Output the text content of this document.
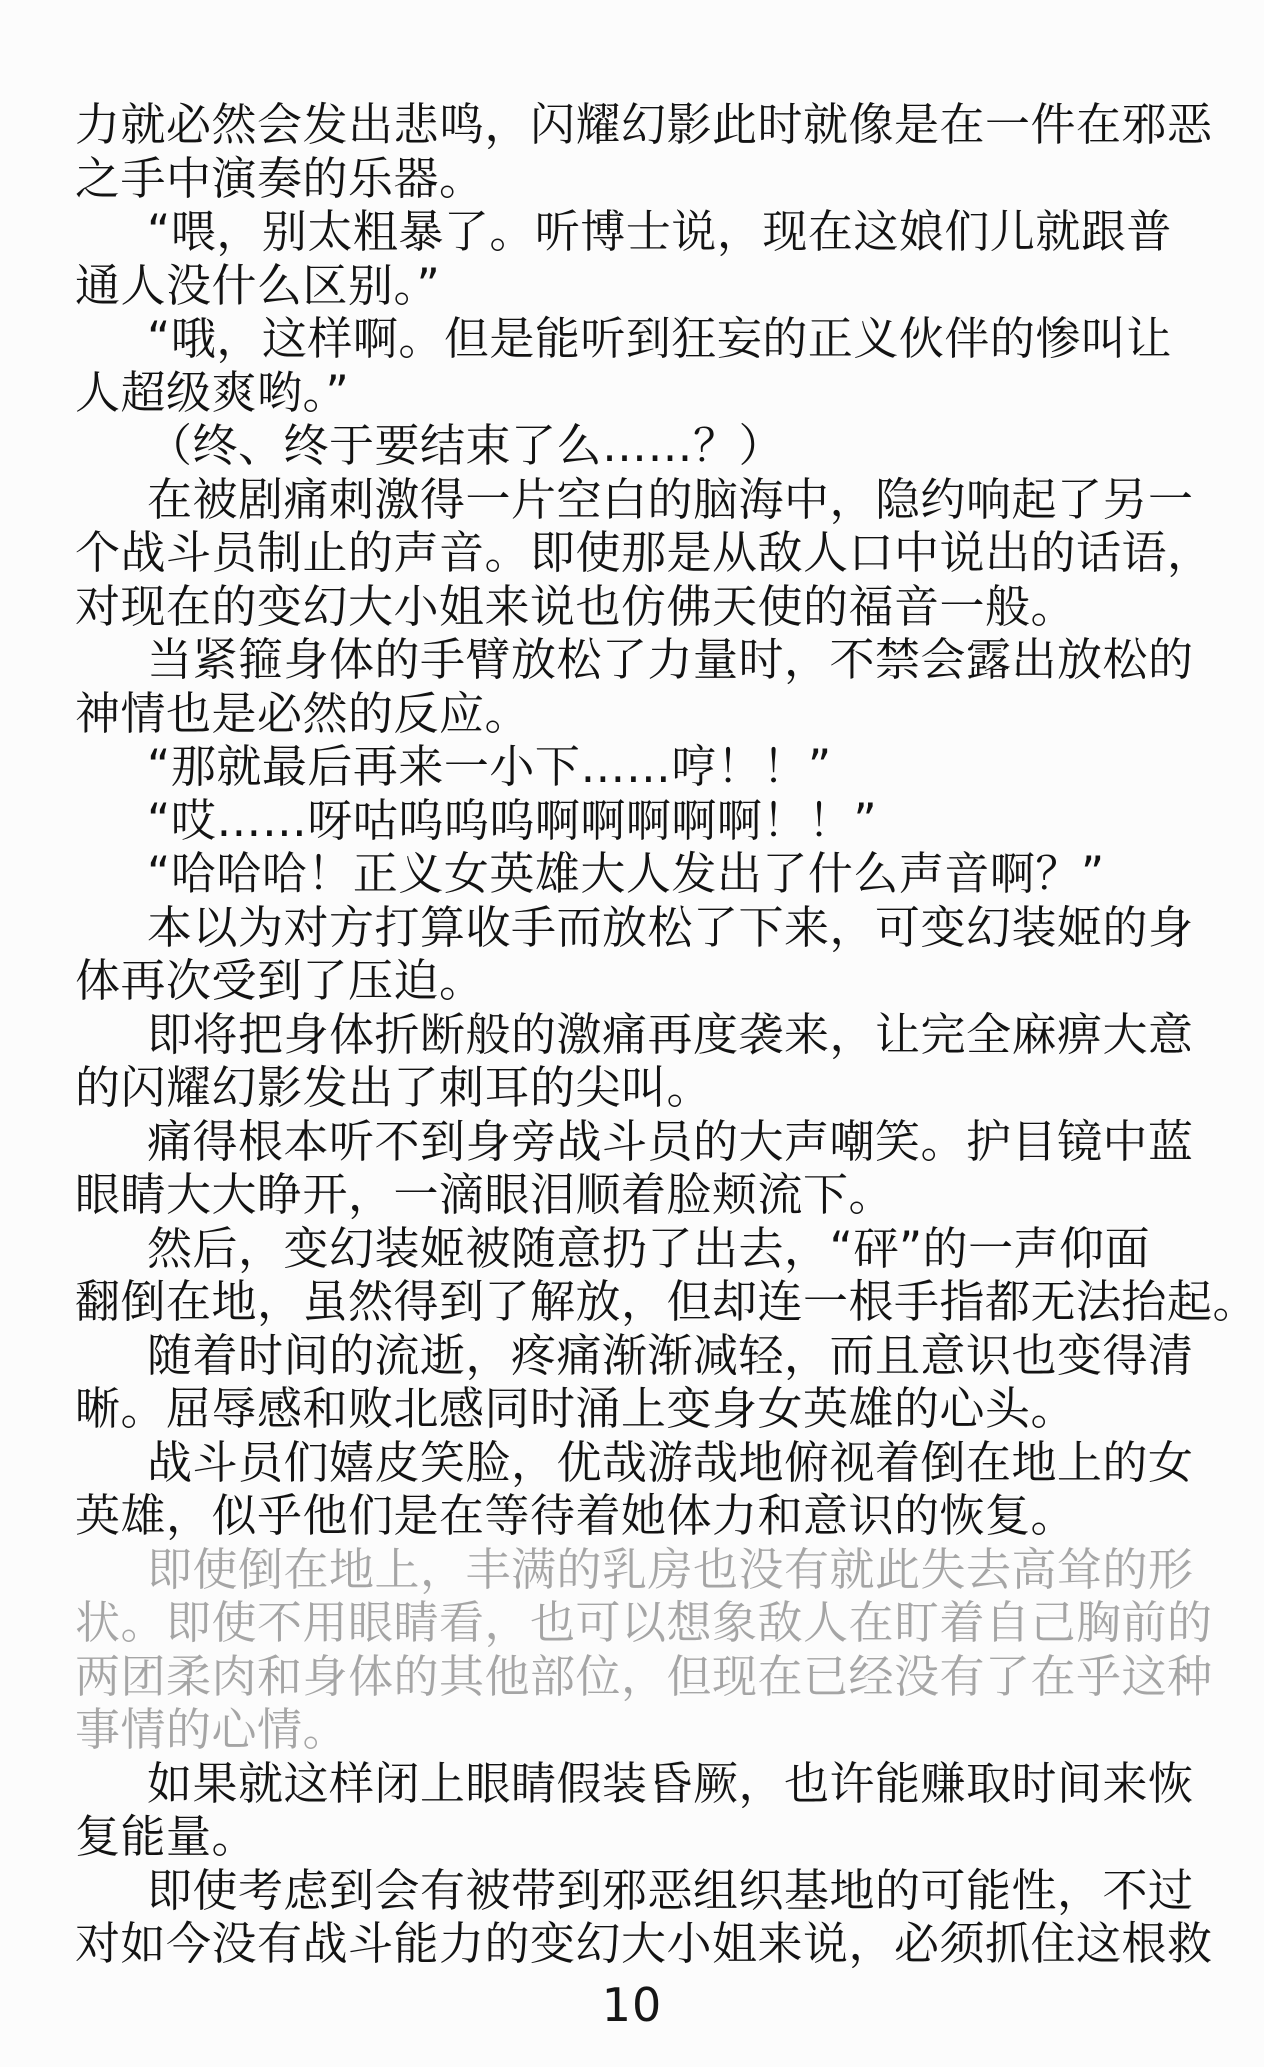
力就必然会发出悲鸣，闪耀幻影此时就像是在一件在邪恶
之手中演奏的乐器。
“喂，别太粗暴了。听博士说，现在这娘们儿就跟普
通人没什么区别。”
“哦，这样啊。但是能听到狂妄的正义伙伴的惨叫让
人超级爽哟。”
（终、终于要结束了么……？）
在被剧痛刺激得一片空白的脑海中，隐约响起了另一
个战斗员制止的声音。即使那是从敌人口中说出的话语，
对现在的变幻大小姐来说也仿佛天使的福音一般。
当紧箍身体的手臂放松了力量时，不禁会露出放松的
神情也是必然的反应。
“那就最后再来一小下……哼！！”
“哎……呀咕呜呜呜啊啊啊啊啊！！”
“哈哈哈！正义女英雄大人发出了什么声音啊？”
本以为对方打算收手而放松了下来，可变幻装姬的身
体再次受到了压迫。
即将把身体折断般的激痛再度袭来，让完全麻痹大意
的闪耀幻影发出了刺耳的尖叫。
痛得根本听不到身旁战斗员的大声嘲笑。护目镜中蓝
眼睛大大睁开，一滴眼泪顺着脸颊流下。
然后，变幻装姬被随意扔了出去，“砰”的一声仰面
翻倒在地，虽然得到了解放，但却连一根手指都无法抬起。
随着时间的流逝，疼痛渐渐减轻，而且意识也变得清
晰。屈辱感和败北感同时涌上变身女英雄的心头。
战斗员们嬉皮笑脸，优哉游哉地俯视着倒在地上的女
英雄，似乎他们是在等待着她体力和意识的恢复。
即使倒在地上，丰满的乳房也没有就此失去高耸的形
状。即使不用眼睛看，也可以想象敌人在盯着自己胸前的
两团柔肉和身体的其他部位，但现在已经没有了在乎这种
事情的心情。
如果就这样闭上眼睛假装昏厥，也许能赚取时间来恢
复能量。
即使考虑到会有被带到邪恶组织基地的可能性，不过
对如今没有战斗能力的变幻大小姐来说，必须抓住这根救
10
